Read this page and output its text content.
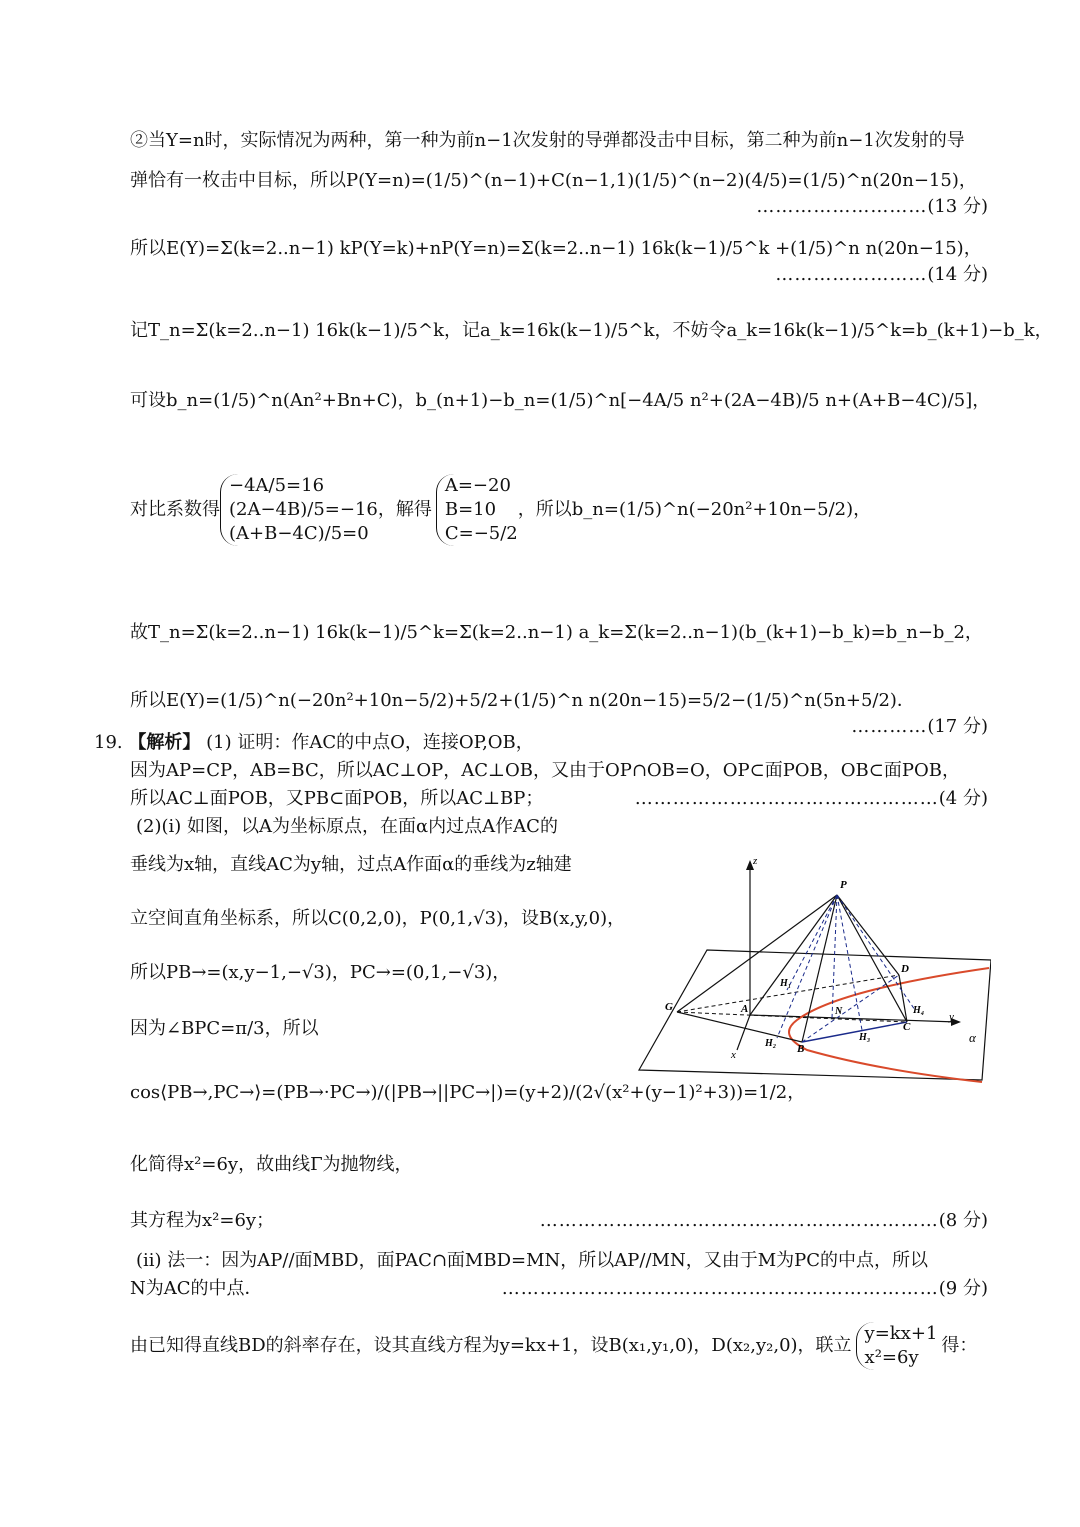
②当Y=n时，实际情况为两种，第一种为前n−1次发射的导弹都没击中目标，第二种为前n−1次发射的导
弹恰有一枚击中目标，所以P(Y=n)=(1/5)^(n−1)+C(n−1,1)(1/5)^(n−2)(4/5)=(1/5)^n(20n−15)，
………………………(13 分)
所以E(Y)=Σ(k=2..n−1) kP(Y=k)+nP(Y=n)=Σ(k=2..n−1) 16k(k−1)/5^k +(1/5)^n n(20n−15)，
……………………(14 分)
记T_n=Σ(k=2..n−1) 16k(k−1)/5^k，记a_k=16k(k−1)/5^k，不妨令a_k=16k(k−1)/5^k=b_(k+1)−b_k，
可设b_n=(1/5)^n(An²+Bn+C)，b_(n+1)−b_n=(1/5)^n[−4A/5 n²+(2A−4B)/5 n+(A+B−4C)/5]，
对比系数得
−4A/5=16
(2A−4B)/5=−16
(A+B−4C)/5=0
，解得
A=−20
B=10
C=−5/2
，所以b_n=(1/5)^n(−20n²+10n−5/2)，
故T_n=Σ(k=2..n−1) 16k(k−1)/5^k=Σ(k=2..n−1) a_k=Σ(k=2..n−1)(b_(k+1)−b_k)=b_n−b_2，
所以E(Y)=(1/5)^n(−20n²+10n−5/2)+5/2+(1/5)^n n(20n−15)=5/2−(1/5)^n(5n+5/2)．
…………(17 分)
19. 【解析】 (1) 证明：作AC的中点O，连接OP,OB，
因为AP=CP，AB=BC，所以AC⊥OP，AC⊥OB，又由于OP∩OB=O，OP⊂面POB，OB⊂面POB，
所以AC⊥面POB，又PB⊂面POB，所以AC⊥BP；	…………………………………………(4 分)
(2)(i) 如图，以A为坐标原点，在面α内过点A作AC的
垂线为x轴，直线AC为y轴，过点A作面α的垂线为z轴建
立空间直角坐标系，所以C(0,2,0)，P(0,1,√3)，设B(x,y,0)，
所以PB→=(x,y−1,−√3)，PC→=(0,1,−√3)，
因为∠BPC=π/3，所以
cos⟨PB→,PC→⟩=(PB→·PC→)/(|PB→||PC→|)=(y+2)/(2√(x²+(y−1)²+3))=1/2，
化简得x²=6y，故曲线Γ为抛物线，
其方程为x²=6y；	………………………………………………………(8 分)
(ii) 法一：因为AP//面MBD，面PAC∩面MBD=MN，所以AP//MN，又由于M为PC的中点，所以
N为AC的中点．	……………………………………………………………(9 分)
由已知得直线BD的斜率存在，设其直线方程为y=kx+1，设B(x₁,y₁,0)，D(x₂,y₂,0)，联立
y=kx+1
x²=6y
得：
z
P
D
H₁
H₄
G	A	N
C
y
H₂ B
H₃
x
α
